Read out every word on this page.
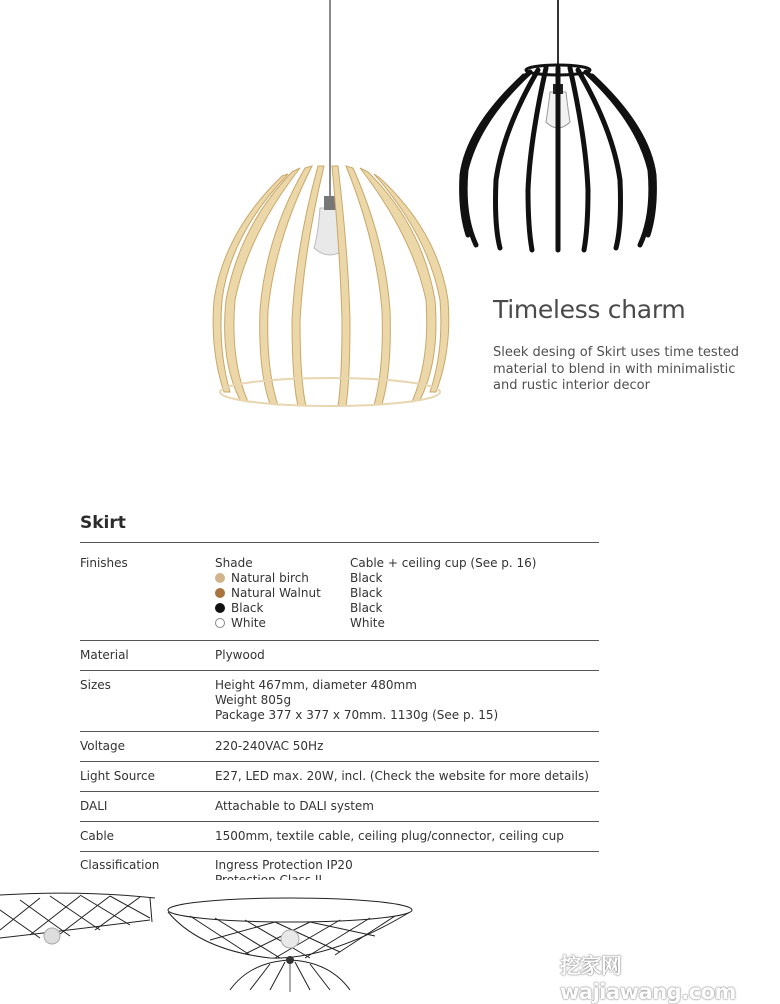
Timeless charm
Sleek desing of Skirt uses time tested
material to blend in with minimalistic
and rustic interior decor
Skirt
Finishes	Shade	Cable + ceiling cup (See p. 16)
Natural birch	Black
Natural Walnut	Black
Black	Black
White	White
Material	Plywood
Sizes	Height 467mm, diameter 480mm
Weight 805g
Package 377 x 377 x 70mm. 1130g (See p. 15)
Voltage	220-240VAC 50Hz
Light Source	E27, LED max. 20W, incl. (Check the website for more details)
DALI	Attachable to DALI system
Cable	1500mm, textile cable, ceiling plug/connector, ceiling cup
Classification	Ingress Protection IP20
挖家网 wajiawang.com
